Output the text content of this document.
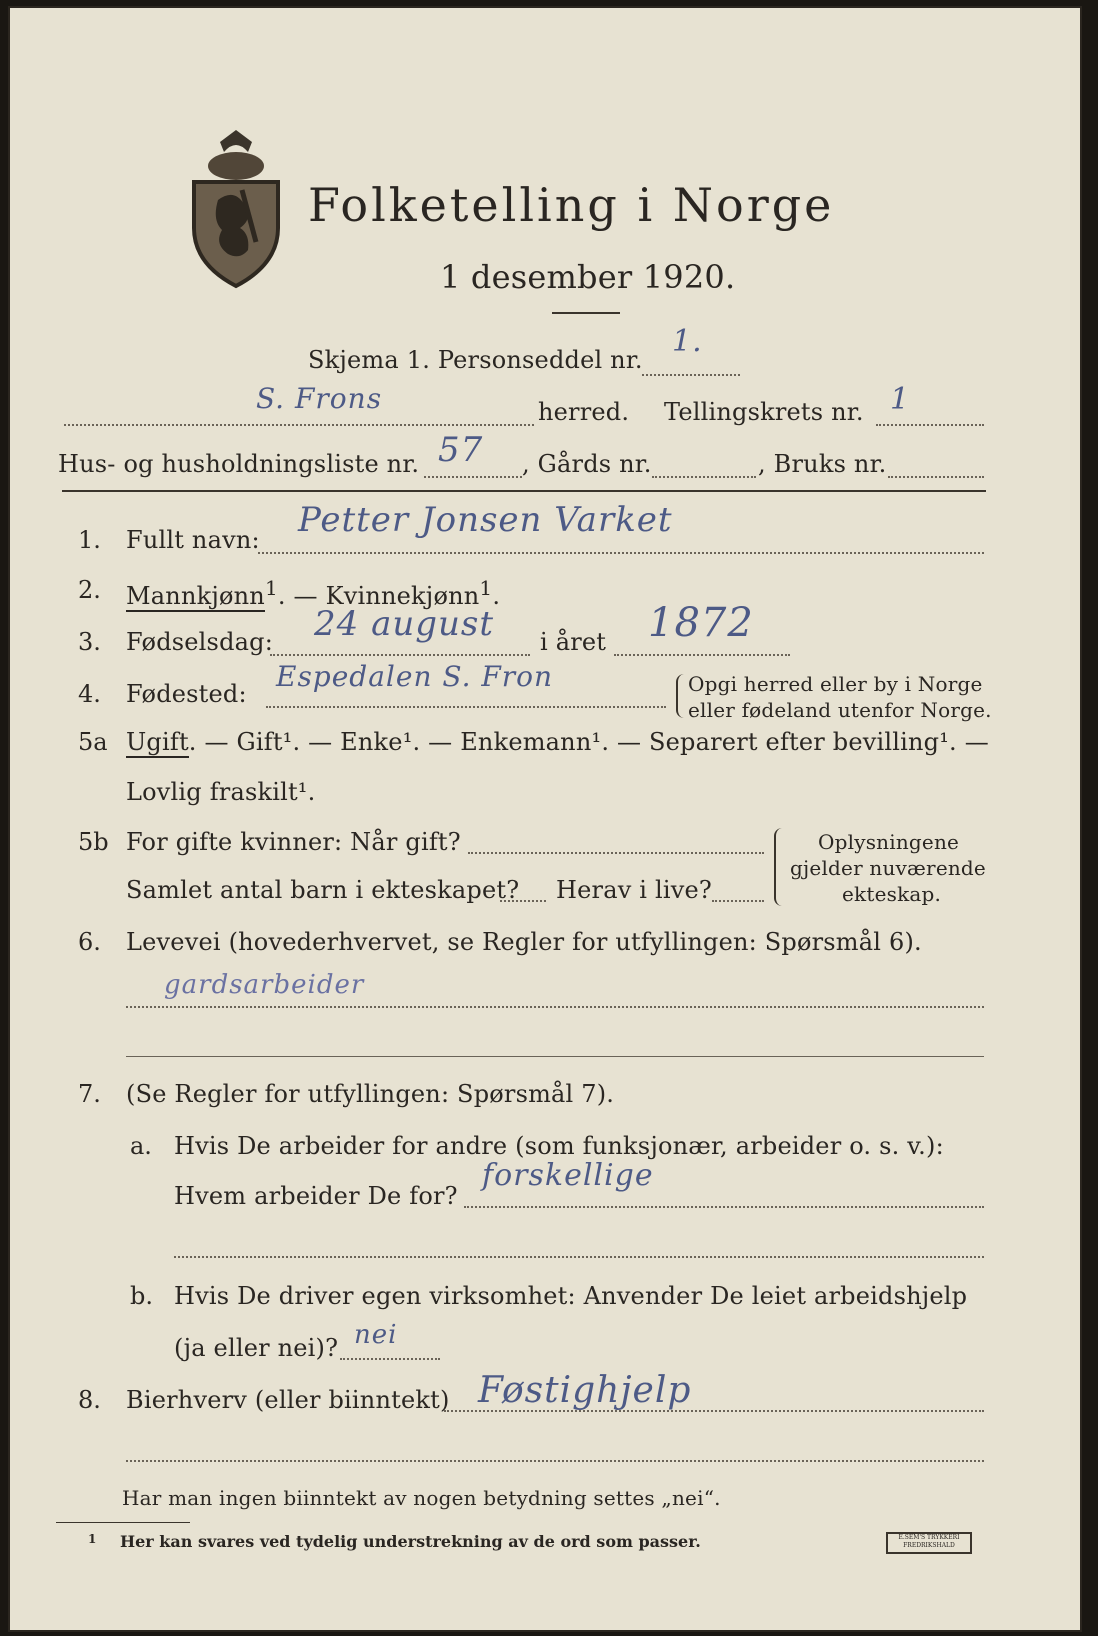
Folketelling i Norge
1 desember 1920.
Skjema 1. Personseddel nr.
1.
S. Frons	herred. Tellingskrets nr. 1
Hus- og husholdningsliste nr. 57 , Gårds nr.	, Bruks nr.
1. Fullt navn: Petter Jonsen Varket
2. Mannkjønn$^1$. — Kvinnekjønn$^1$.
3. Fødselsdag: 24 august i året 1872
4. Fødested:
Espedalen S. Fron	Opgi herred eller by i Norge
eller fødeland utenfor Norge.
5a Ugift. — Gift¹. — Enke¹. — Enkemann¹. — Separert efter bevilling¹. —
Lovlig fraskilt¹.
5b For gifte kvinner: Når gift?
Samlet antal barn i ekteskapet? Herav i live?
Oplysningene
gjelder nuværende
ekteskap.
6. Levevei (hovederhvervet, se Regler for utfyllingen: Spørsmål 6).
gardsarbeider
7. (Se Regler for utfyllingen: Spørsmål 7).
a. Hvis De arbeider for andre (som funksjonær, arbeider o. s. v.):
Hvem arbeider De for?
forskellige
b. Hvis De driver egen virksomhet: Anvender De leiet arbeidshjelp
(ja eller nei)? nei
8. Bierhverv (eller biinntekt) Føstighjelp
Har man ingen biinntekt av nogen betydning settes „nei“.
1 Her kan svares ved tydelig understrekning av de ord som passer.	E.SEM'S TRYKKERI FREDRIKSHALD
